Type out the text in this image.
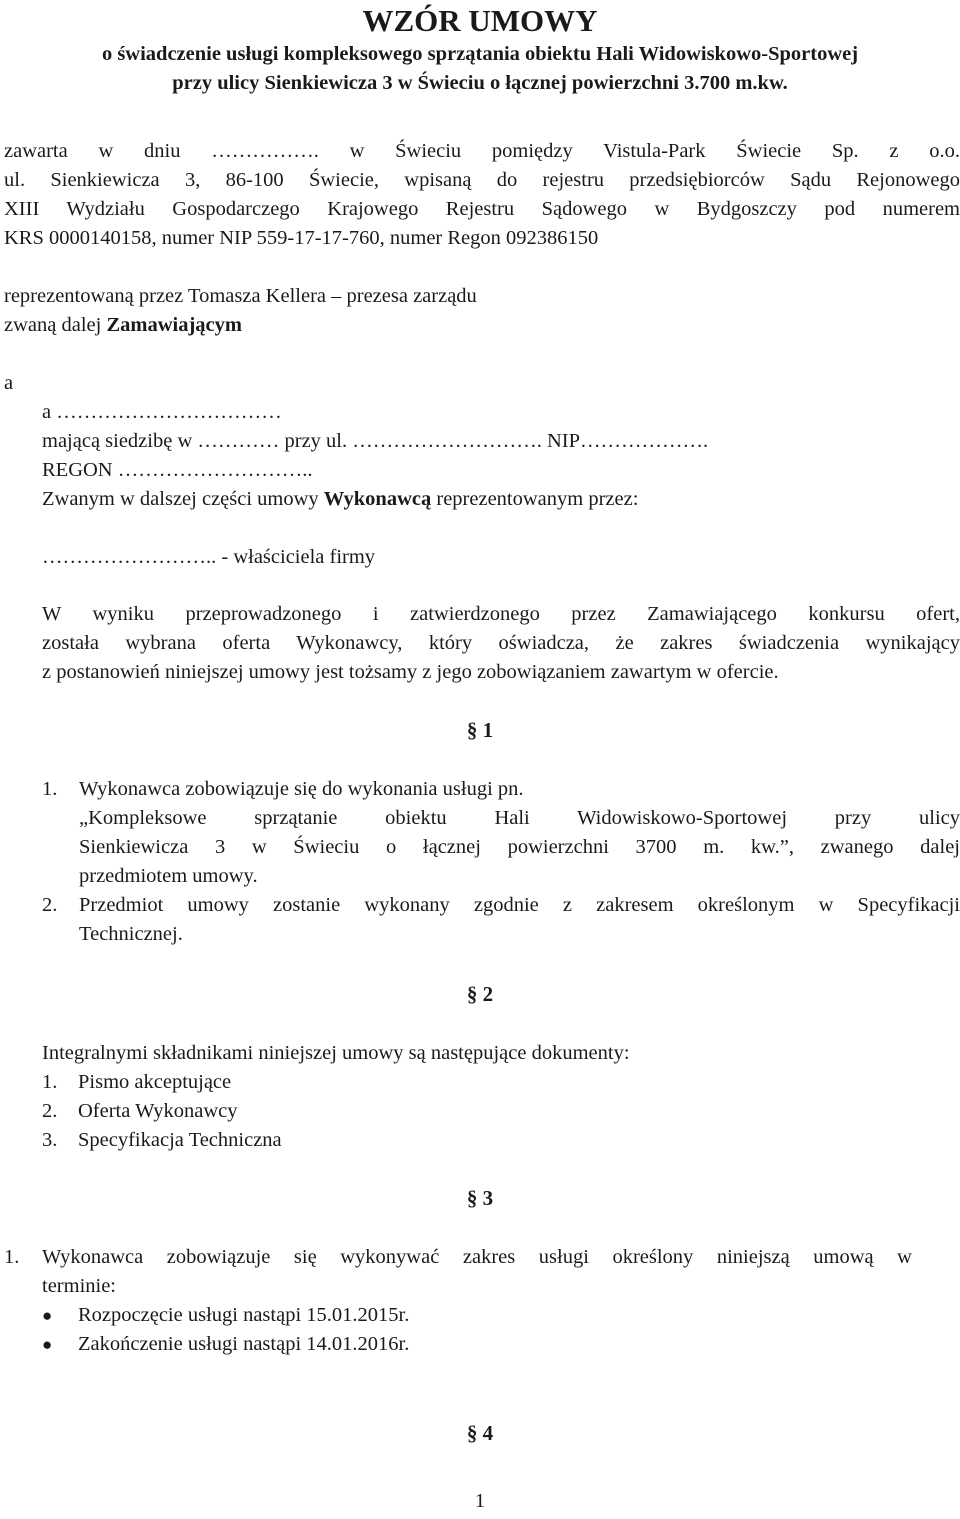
WZÓR UMOWY
o świadczenie usługi kompleksowego sprzątania obiektu Hali Widowiskowo-Sportowej
przy ulicy Sienkiewicza 3 w Świeciu o łącznej powierzchni 3.700 m.kw.
zawarta w dniu ……………. w Świeciu pomiędzy Vistula-Park Świecie Sp. z o.o.
ul. Sienkiewicza 3, 86-100 Świecie, wpisaną do rejestru przedsiębiorców Sądu Rejonowego
XIII Wydziału Gospodarczego Krajowego Rejestru Sądowego w Bydgoszczy pod numerem
KRS 0000140158, numer NIP 559-17-17-760, numer Regon 092386150
reprezentowaną przez Tomasza Kellera – prezesa zarządu
zwaną dalej Zamawiającym
a
a ……………………………
mającą siedzibę w ………… przy ul. ………………………. NIP……………….
REGON ………………………..
Zwanym w dalszej części umowy Wykonawcą reprezentowanym przez:
…………………….. - właściciela firmy
W wyniku przeprowadzonego i zatwierdzonego przez Zamawiającego konkursu ofert,
została wybrana oferta Wykonawcy, który oświadcza, że zakres świadczenia wynikający
z postanowień niniejszej umowy jest tożsamy z jego zobowiązaniem zawartym w ofercie.
§ 1
1. Wykonawca zobowiązuje się do wykonania usługi pn.
„Kompleksowe sprzątanie obiektu Hali Widowiskowo-Sportowej przy ulicy
Sienkiewicza 3 w Świeciu o łącznej powierzchni 3700 m. kw.”, zwanego dalej
przedmiotem umowy.
2. Przedmiot umowy zostanie wykonany zgodnie z zakresem określonym w Specyfikacji
Technicznej.
§ 2
Integralnymi składnikami niniejszej umowy są następujące dokumenty:
1. Pismo akceptujące
2. Oferta Wykonawcy
3. Specyfikacja Techniczna
§ 3
1. Wykonawca zobowiązuje się wykonywać zakres usługi określony niniejszą umową w
terminie:
● Rozpoczęcie usługi nastąpi 15.01.2015r.
● Zakończenie usługi nastąpi 14.01.2016r.
§ 4
1
